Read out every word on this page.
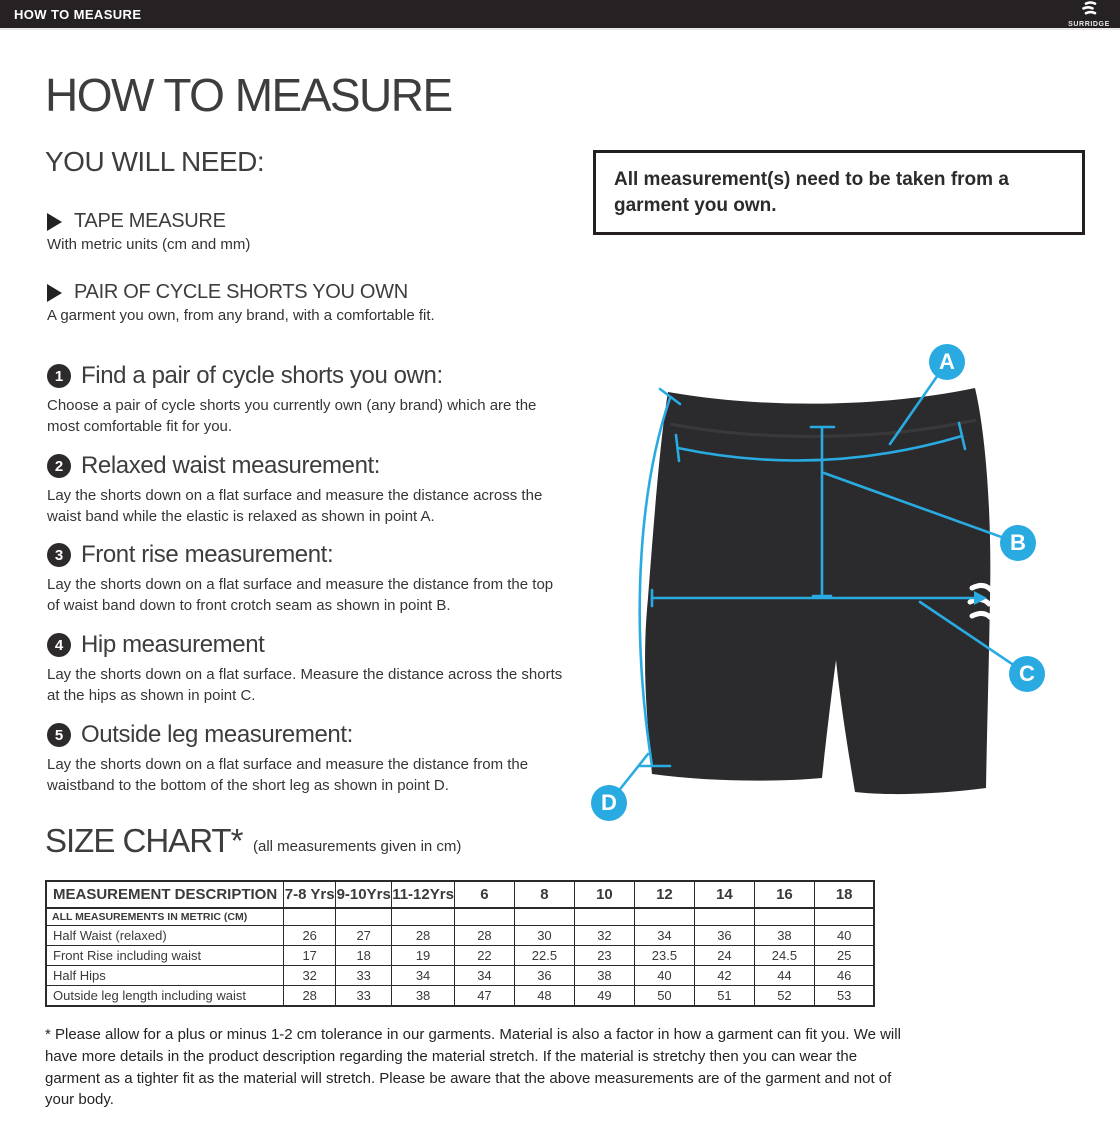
HOW TO MEASURE
SURRIDGE
HOW TO MEASURE
YOU WILL NEED:
TAPE MEASURE
With metric units (cm and mm)
PAIR OF CYCLE SHORTS YOU OWN
A garment you own, from any brand, with a comfortable fit.
All measurement(s) need to be taken from a garment you own.
1 Find a pair of cycle shorts you own:
Choose a pair of cycle shorts you currently own (any brand) which are the most comfortable fit for you.
2 Relaxed waist measurement:
Lay the shorts down on a flat surface and measure the distance across the waist band while the elastic is relaxed as shown in point A.
3 Front rise measurement:
Lay the shorts down on a flat surface and measure the distance from the top of waist band down to front crotch seam as shown in point B.
4 Hip measurement
Lay the shorts down on a flat surface. Measure the distance across the shorts at the hips as shown in point C.
5 Outside leg measurement:
Lay the shorts down on a flat surface and measure the distance from the waistband to the bottom of the short leg as shown in point D.
A
B
C
D
SIZE CHART* (all measurements given in cm)
MEASUREMENT DESCRIPTION	7-8 Yrs	9-10Yrs	11-12Yrs	6	8	10	12	14	16	18
ALL MEASUREMENTS IN METRIC (CM)										
Half Waist (relaxed)	26	27	28	28	30	32	34	36	38	40
Front Rise including waist	17	18	19	22	22.5	23	23.5	24	24.5	25
Half Hips	32	33	34	34	36	38	40	42	44	46
Outside leg length including waist	28	33	38	47	48	49	50	51	52	53
* Please allow for a plus or minus 1-2 cm tolerance in our garments. Material is also a factor in how a garment can fit you. We will have more details in the product description regarding the material stretch. If the material is stretchy then you can wear the garment as a tighter fit as the material will stretch. Please be aware that the above measurements are of the garment and not of your body.
